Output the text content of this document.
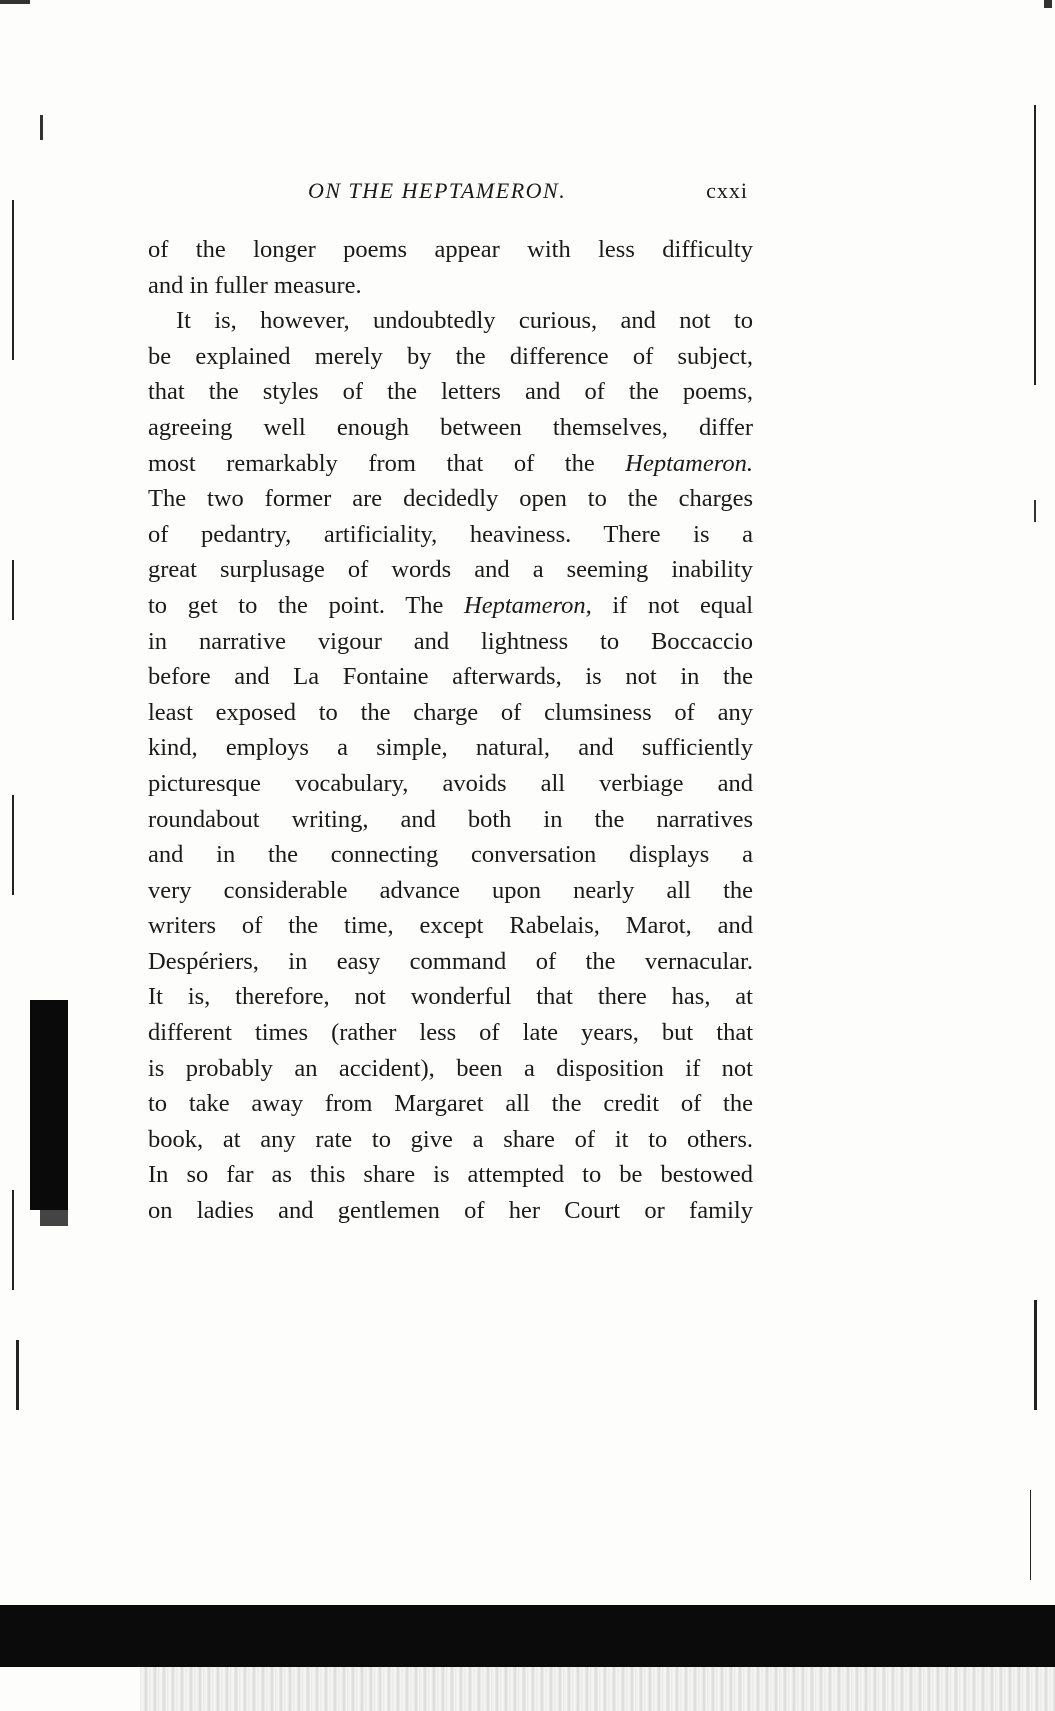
ON THE HEPTAMERON.	cxxi
of the longer poems appear with less difficulty
and in fuller measure.
It is, however, undoubtedly curious, and not to
be explained merely by the difference of subject,
that the styles of the letters and of the poems,
agreeing well enough between themselves, differ
most remarkably from that of the Heptameron.
The two former are decidedly open to the charges
of pedantry, artificiality, heaviness. There is a
great surplusage of words and a seeming inability
to get to the point. The Heptameron, if not equal
in narrative vigour and lightness to Boccaccio
before and La Fontaine afterwards, is not in the
least exposed to the charge of clumsiness of any
kind, employs a simple, natural, and sufficiently
picturesque vocabulary, avoids all verbiage and
roundabout writing, and both in the narratives
and in the connecting conversation displays a
very considerable advance upon nearly all the
writers of the time, except Rabelais, Marot, and
Despériers, in easy command of the vernacular.
It is, therefore, not wonderful that there has, at
different times (rather less of late years, but that
is probably an accident), been a disposition if not
to take away from Margaret all the credit of the
book, at any rate to give a share of it to others.
In so far as this share is attempted to be bestowed
on ladies and gentlemen of her Court or family
